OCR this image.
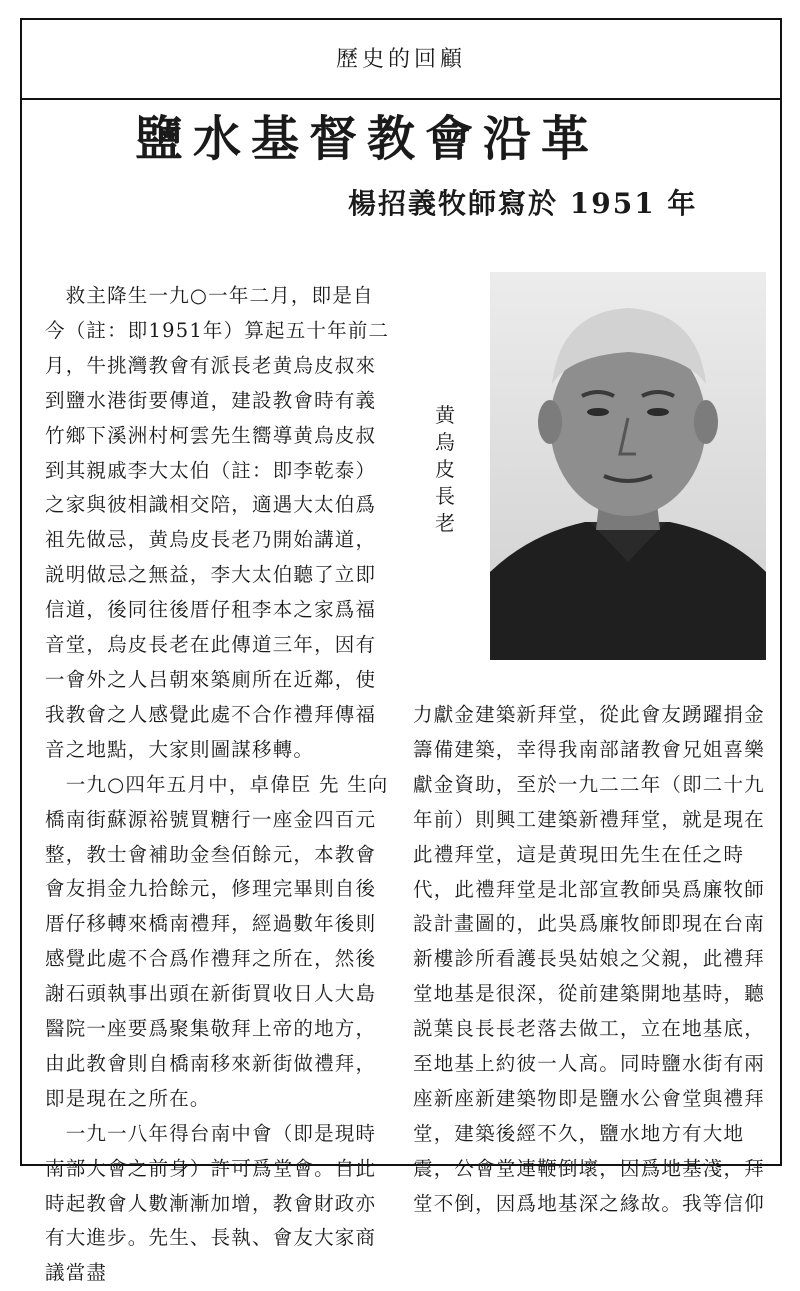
歷史的回顧
鹽水基督教會沿革
楊招義牧師寫於 1951 年

　救主降生一九○一年二月，即是自今（註：即1951年）算起五十年前二月，牛挑灣教會有派長老黄烏皮叔來到鹽水港街要傳道，建設教會時有義竹鄉下溪洲村柯雲先生嚮導黄烏皮叔到其親戚李大太伯（註：即李乾泰）之家與彼相識相交陪，適遇大太伯爲祖先做忌，黄烏皮長老乃開始講道，説明做忌之無益，李大太伯聽了立即信道，後同往後厝仔租李本之家爲福音堂，烏皮長老在此傳道三年，因有一會外之人吕朝來築廁所在近鄰，使我教會之人感覺此處不合作禮拜傳福音之地點，大家則圖謀移轉。

　一九○四年五月中，卓偉臣 先 生向橋南街蘇源裕號買糖行一座金四百元整，教士會補助金叁佰餘元，本教會會友捐金九拾餘元，修理完畢則自後厝仔移轉來橋南禮拜，經過數年後則感覺此處不合爲作禮拜之所在，然後謝石頭執事出頭在新街買收日人大島醫院一座要爲聚集敬拜上帝的地方，由此教會則自橋南移來新街做禮拜，即是現在之所在。

　一九一八年得台南中會（即是現時南部大會之前身）許可爲堂會。自此時起教會人數漸漸加增，教會財政亦有大進步。先生、長執、會友大家商議當盡

黄烏皮長老

力獻金建築新拜堂，從此會友踴躍捐金籌備建築，幸得我南部諸教會兄姐喜樂獻金資助，至於一九二二年（即二十九年前）則興工建築新禮拜堂，就是現在此禮拜堂，這是黄現田先生在任之時代，此禮拜堂是北部宣教師吳爲廉牧師設計畫圖的，此吳爲廉牧師即現在台南新樓診所看護長吳姑娘之父親，此禮拜堂地基是很深，從前建築開地基時，聽説葉良長長老落去做工，立在地基底，至地基上約彼一人高。同時鹽水街有兩座新座新建築物即是鹽水公會堂與禮拜堂，建築後經不久，鹽水地方有大地震，公會堂連鞭倒壞，因爲地基淺，拜堂不倒，因爲地基深之緣故。我等信仰
